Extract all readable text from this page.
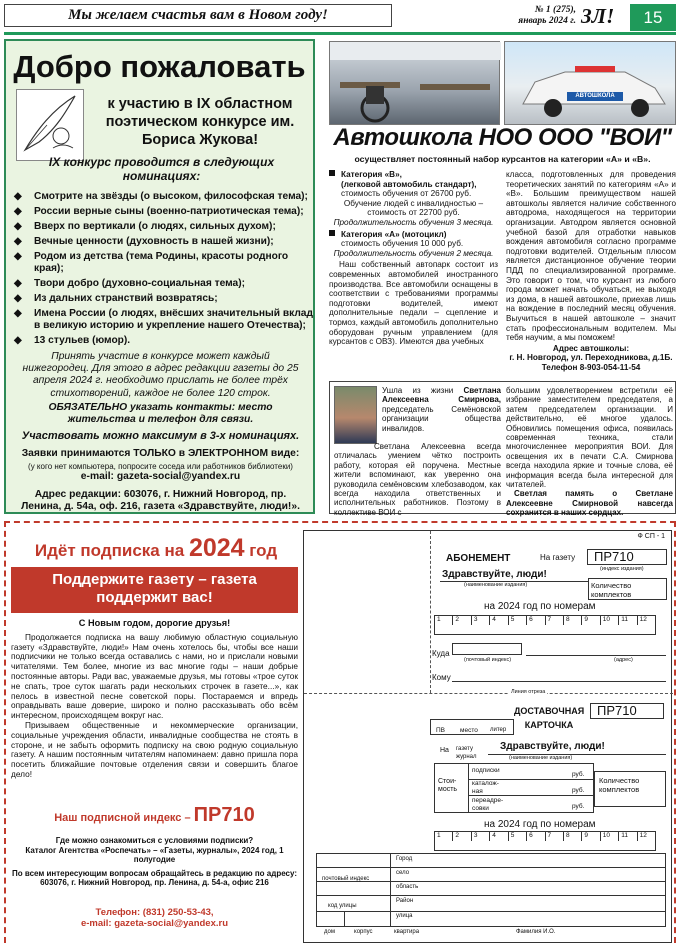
Мы желаем счастья вам в Новом году!	№ 1 (275),
январь 2024 г. ЗЛ!	15
Добро пожаловать
к участию в IX областном поэтическом конкурсе им. Бориса Жукова!
IX конкурс проводится в следующих номинациях:
◆ Смотрите на звёзды (о высоком, философская тема);
◆ России верные сыны (военно-патриотическая тема);
◆ Вверх по вертикали (о людях, сильных духом);
◆ Вечные ценности (духовность в нашей жизни);
◆ Родом из детства (тема Родины, красоты родного края);
◆ Твори добро (духовно-социальная тема);
◆ Из дальних странствий возвратясь;
◆ Имена России (о людях, внёсших значительный вклад в великую историю и укрепление нашего Отечества);
◆ 13 стульев (юмор).
Принять участие в конкурсе может каждый нижегородец. Для этого в адрес редакции газеты до 25 апреля 2024 г. необходимо прислать не более трёх стихотворений, каждое не более 120 строк.
ОБЯЗАТЕЛЬНО указать контакты: место жительства и телефон для связи.
Участвовать можно максимум в 3-х номинациях.
Заявки принимаются ТОЛЬКО в ЭЛЕКТРОННОМ виде:
(у кого нет компьютера, попросите соседа или работников библиотеки)
e-mail: gazeta-social@yandex.ru
Адрес редакции: 603076, г. Нижний Новгород, пр. Ленина, д. 54а, оф. 216, газета «Здравствуйте, люди!».
АВТОШКОЛА
Автошкола НОО ООО "ВОИ"
осуществляет постоянный набор курсантов на категории «А» и «В».
Категория «В»,
(легковой автомобиль стандарт),
стоимость обучения от 26700 руб.
Обучение людей с инвалидностью – стоимость от 22700 руб.
Продолжительность обучения 3 месяца.
Категория «А» (мотоцикл)
стоимость обучения 10 000 руб.
Продолжительность обучения 2 месяца.
Наш собственный автопарк состоит из современных автомобилей иностранного производства. Все автомобили оснащены в соответствии с требованиями программы подготовки водителей, имеют дополнительные педали – сцепление и тормоз, каждый автомобиль дополнительно оборудован ручным управлением (для курсантов с ОВЗ). Имеются два учебных
класса, подготовленных для проведения теоретических занятий по категориям «А» и «В». Большим преимуществом нашей автошколы является наличие собственного автодрома, находящегося на территории организации. Автодром является основной учебной базой для отработки навыков вождения автомобиля согласно программе подготовки водителей. Отдельным плюсом является дистанционное обучение теории ПДД по специализированной программе. Это говорит о том, что курсант из любого города может начать обучаться, не выходя из дома, в нашей автошколе, приехав лишь на вождение в последний месяц обучения. Выучиться в нашей автошколе – значит стать профессиональным водителем. Мы тебя научим, а мы поможем!
Адрес автошколы:
г. Н. Новгород, ул. Переходникова, д.1Б.
Телефон 8-903-054-11-54
Ушла из жизни Светлана Алексеевна Смирнова, председатель Семёновской организации общества инвалидов.
Светлана Алексеевна всегда отличалась умением чётко построить работу, которая ей поручена. Местные жители вспоминают, как уверенно она руководила семёновским хлебозаводом, как всегда находила ответственных и исполнительных работников. Поэтому в коллективе ВОИ с
большим удовлетворением встретили её избрание заместителем председателя, а затем председателем организации. И действительно, её многое удалось. Обновились помещения офиса, появилась современная техника, стали многочисленнее мероприятия ВОИ. Для освещения их в печати С.А. Смирнова всегда находила яркие и точные слова, её информация всегда была интересной для читателей.
Светлая память о Светлане Алексеевне Смирновой навсегда сохранится в наших сердцах.
Идёт подписка на 2024 год
Поддержите газету – газета поддержит вас!
С Новым годом, дорогие друзья!
Продолжается подписка на вашу любимую областную социальную газету «Здравствуйте, люди!» Нам очень хотелось бы, чтобы все наши подписчики не только всегда оставались с нами, но и прислали новыми читателями. Тем более, многие из вас многие годы – наши добрые постоянные авторы. Ради вас, уважаемые друзья, мы готовы «трое суток не спать, трое суток шагать ради нескольких строчек в газете...», как пелось в известной песне советской поры. Постараемся и впредь оправдывать ваше доверие, широко и полно рассказывать обо всём интересном, происходящем вокруг нас.
Призываем общественные и некоммерческие организации, социальные учреждения области, инвалидные сообщества не стоять в стороне, и не забыть оформить подписку на свою родную социальную газету. А нашим постоянным читателям напоминаем: давно пришла пора посетить ближайшие почтовые отделения связи и совершить благое дело!
Наш подписной индекс – ПР710
Где можно ознакомиться с условиями подписки?
Каталог Агентства «Роспечать» – «Газеты, журналы», 2024 год, 1 полугодие
По всем интересующим вопросам обращайтесь в редакцию по адресу:
603076, г. Нижний Новгород, пр. Ленина, д. 54-а, офис 216
Телефон: (831) 250-53-43,
e-mail: gazeta-social@yandex.ru
Ф СП - 1
АБОНЕМЕНТ	На газету	ПР710
(индекс издания)
Здравствуйте, люди!
(наименование издания)	Количество комплектов
на 2024 год по номерам
1	2	3	4	5	6	7	8	9	10	11	12
Куда
(почтовый индекс)	(адрес)
Кому
Линия отреза
ДОСТАВОЧНАЯ КАРТОЧКА
ПР710
ПВ место литер
На газету журнал
Здравствуйте, люди!
(наименование издания)
Стои- мость
подписки
каталож- ная
переадре- совки
руб.
руб.
руб.
Количество комплектов
на 2024 год по номерам
1	2	3	4	5	6	7	8	9	10	11	12
Город
село
область
Район
почтовый индекс
код улицы
улица
дом	корпус	квартира	Фамилия И.О.
